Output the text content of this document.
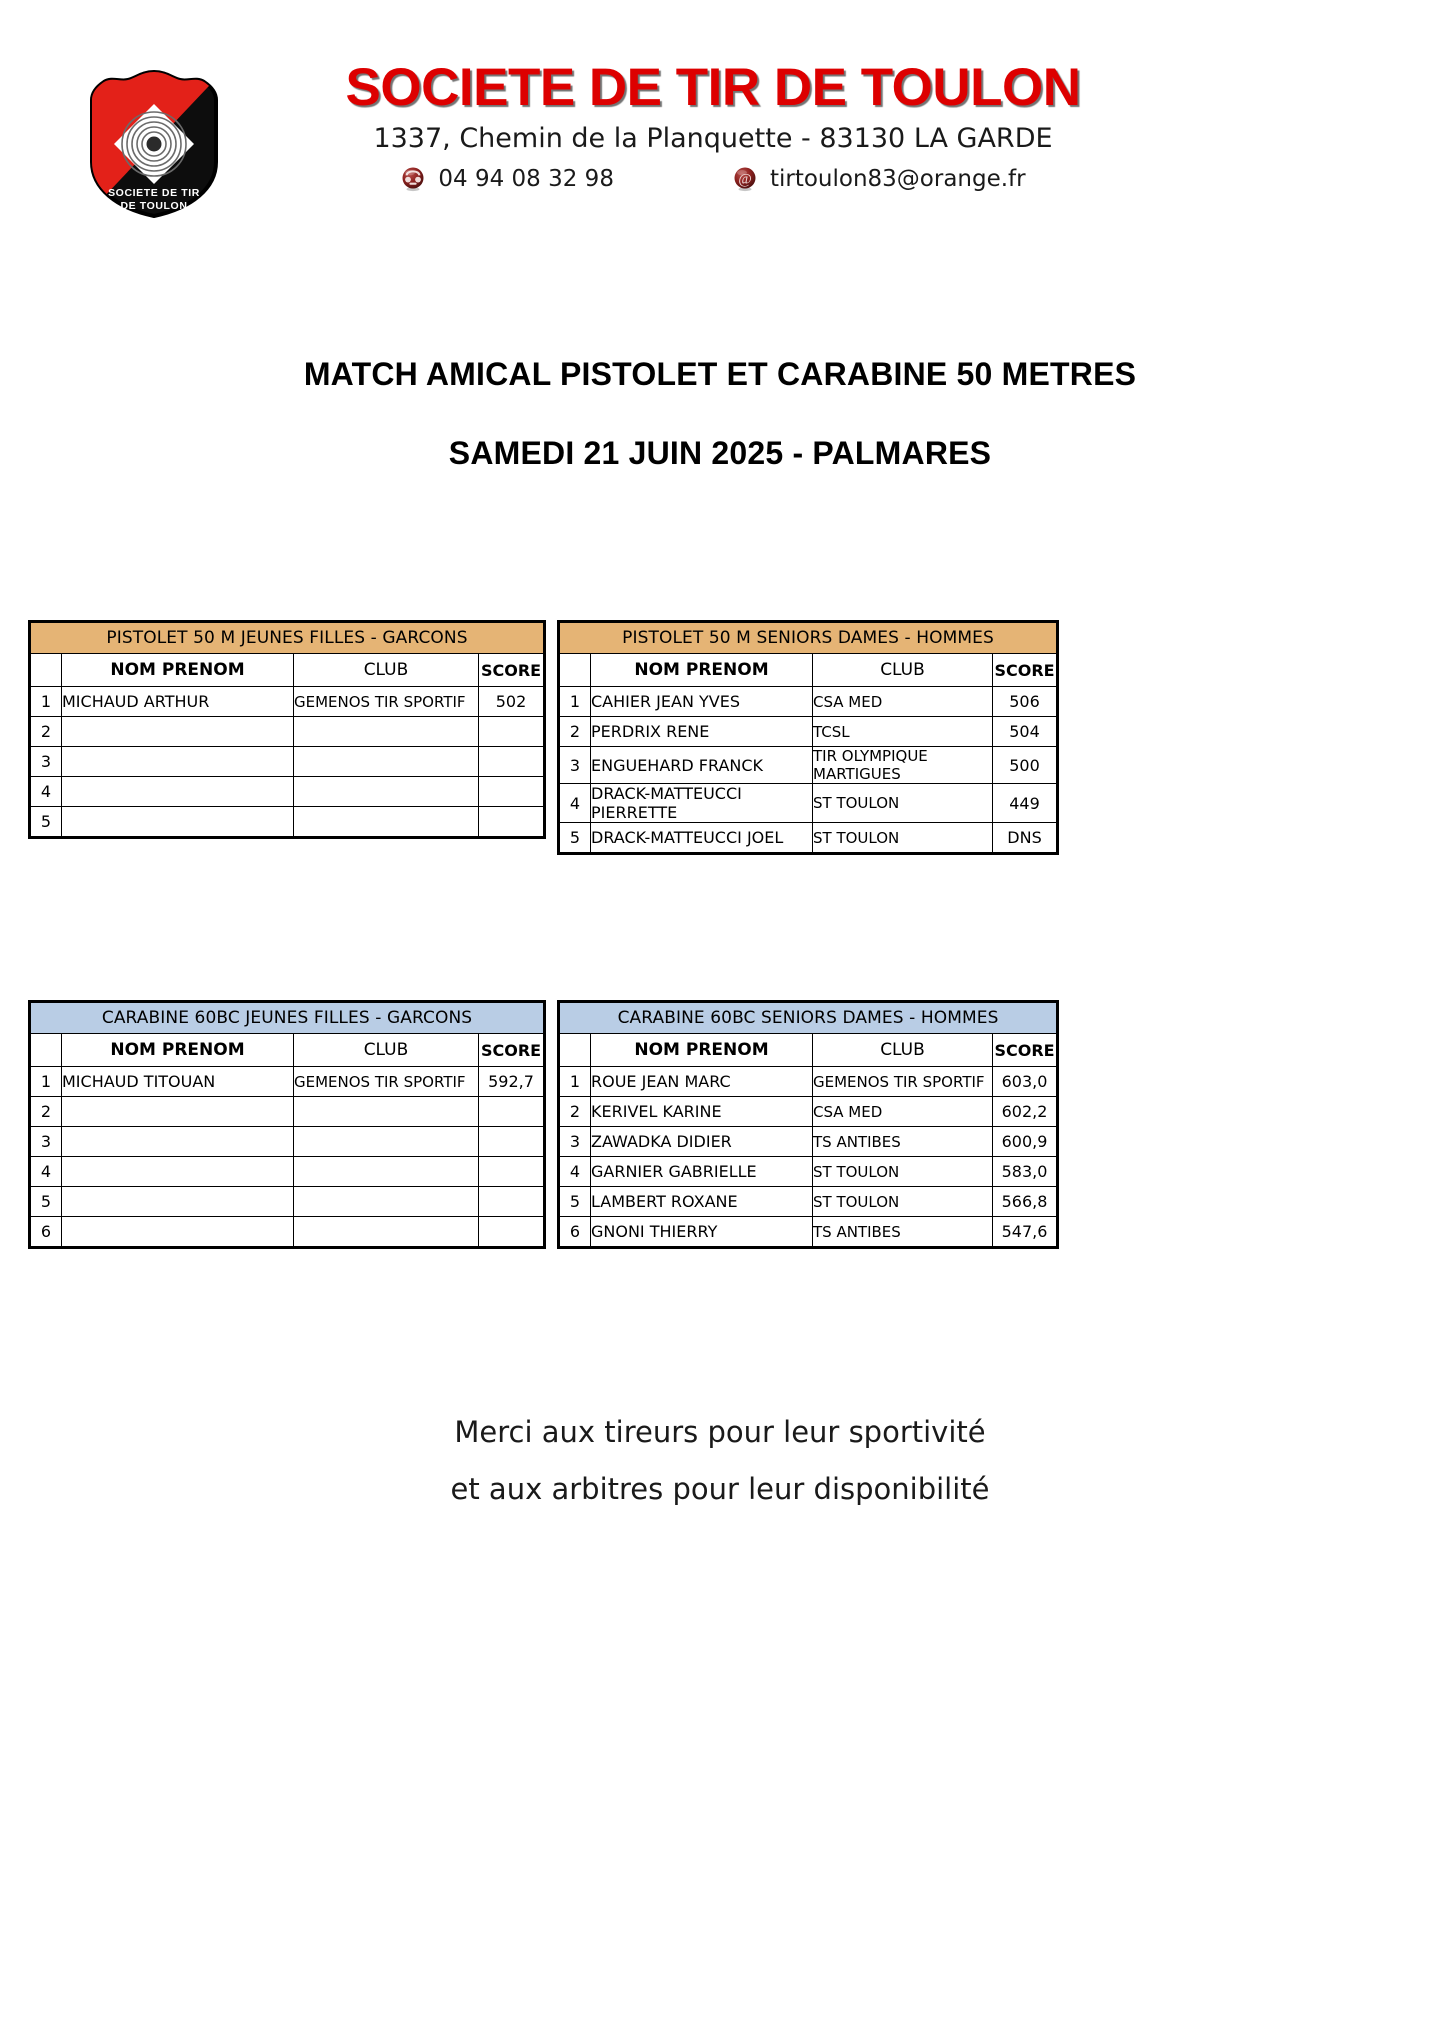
SOCIETE DE TIR
DE TOULON
SOCIETE DE TIR DE TOULON
1337, Chemin de la Planquette - 83130 LA GARDE
04 94 08 32 98	@ tirtoulon83@orange.fr
MATCH AMICAL PISTOLET ET CARABINE 50 METRES
SAMEDI 21 JUIN 2025 - PALMARES
PISTOLET 50 M JEUNES FILLES - GARCONS			
	NOM PRENOM	CLUB	SCORE
1	MICHAUD ARTHUR	GEMENOS TIR SPORTIF	502
2			
3			
4			
5			
PISTOLET 50 M SENIORS DAMES - HOMMES			
	NOM PRENOM	CLUB	SCORE
1	CAHIER JEAN YVES	CSA MED	506
2	PERDRIX RENE	TCSL	504
3	ENGUEHARD FRANCK	TIR OLYMPIQUE MARTIGUES	500
4	DRACK-MATTEUCCI PIERRETTE	ST TOULON	449
5	DRACK-MATTEUCCI JOEL	ST TOULON	DNS
CARABINE 60BC JEUNES FILLES - GARCONS			
	NOM PRENOM	CLUB	SCORE
1	MICHAUD TITOUAN	GEMENOS TIR SPORTIF	592,7
2			
3			
4			
5			
6			
CARABINE 60BC SENIORS DAMES - HOMMES			
	NOM PRENOM	CLUB	SCORE
1	ROUE JEAN MARC	GEMENOS TIR SPORTIF	603,0
2	KERIVEL KARINE	CSA MED	602,2
3	ZAWADKA DIDIER	TS ANTIBES	600,9
4	GARNIER GABRIELLE	ST TOULON	583,0
5	LAMBERT ROXANE	ST TOULON	566,8
6	GNONI THIERRY	TS ANTIBES	547,6
Merci aux tireurs pour leur sportivité
et aux arbitres pour leur disponibilité
